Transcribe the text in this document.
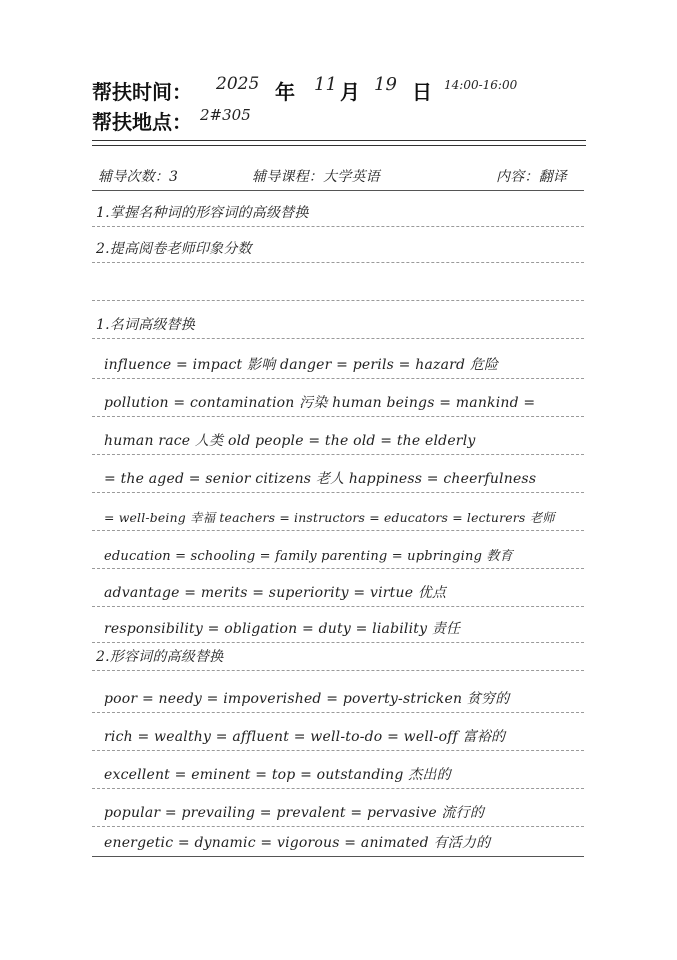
帮扶时间： 2025 年 11 月 19 日 14:00-16:00
帮扶地点： 2#305
辅导次数：3	辅导课程：大学英语	内容：翻译
1.掌握名种词的形容词的高级替换
2.提高阅卷老师印象分数
1.名词高级替换
influence = impact 影响 danger = perils = hazard 危险
pollution = contamination 污染 human beings = mankind =
human race 人类 old people = the old = the elderly
= the aged = senior citizens 老人 happiness = cheerfulness
= well-being 幸福 teachers = instructors = educators = lecturers 老师
education = schooling = family parenting = upbringing 教育
advantage = merits = superiority = virtue 优点
responsibility = obligation = duty = liability 责任
2.形容词的高级替换
poor = needy = impoverished = poverty-stricken 贫穷的
rich = wealthy = affluent = well-to-do = well-off 富裕的
excellent = eminent = top = outstanding 杰出的
popular = prevailing = prevalent = pervasive 流行的
energetic = dynamic = vigorous = animated 有活力的
